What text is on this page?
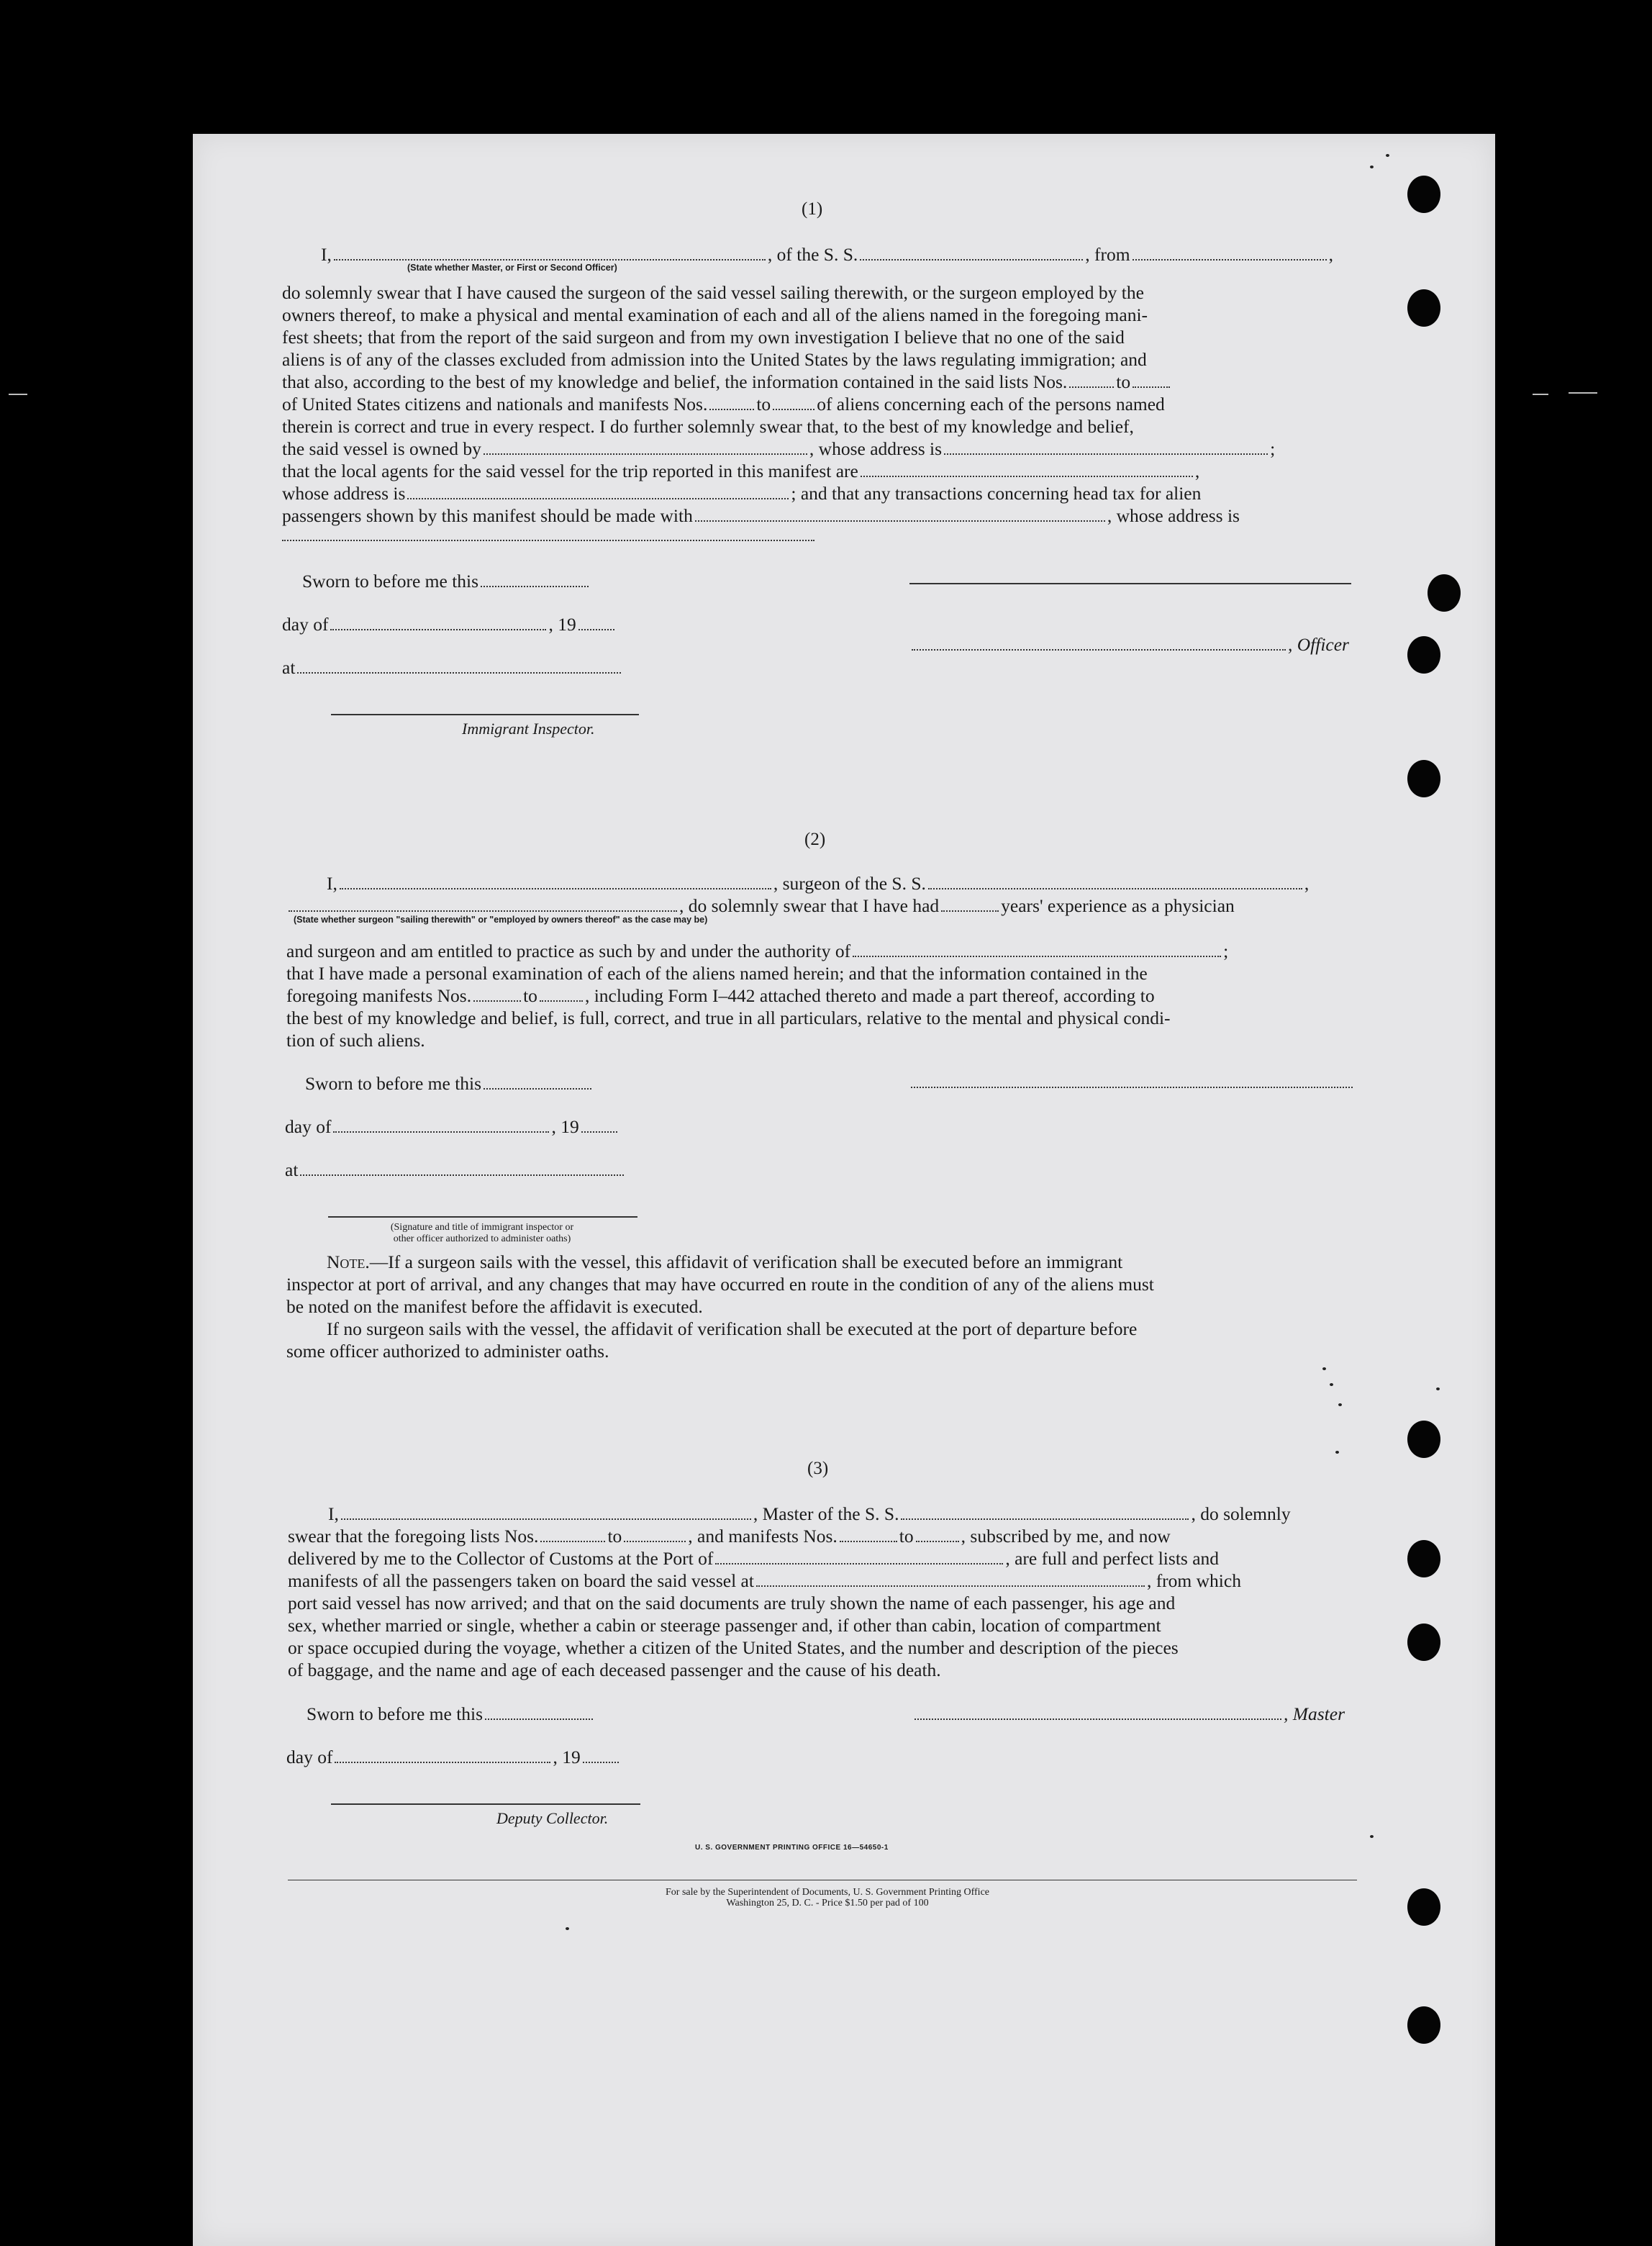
(1)
I,	, of the S. S.	, from	,
(State whether Master, or First or Second Officer)
do solemnly swear that I have caused the surgeon of the said vessel sailing therewith, or the surgeon employed by the
owners thereof, to make a physical and mental examination of each and all of the aliens named in the foregoing mani-
fest sheets; that from the report of the said surgeon and from my own investigation I believe that no one of the said
aliens is of any of the classes excluded from admission into the United States by the laws regulating immigration; and
that also, according to the best of my knowledge and belief, the information contained in the said lists Nos.	to
of United States citizens and nationals and manifests Nos.	to	of aliens concerning each of the persons named
therein is correct and true in every respect. I do further solemnly swear that, to the best of my knowledge and belief,
the said vessel is owned by	, whose address is	;
that the local agents for the said vessel for the trip reported in this manifest are	,
whose address is	; and that any transactions concerning head tax for alien
passengers shown by this manifest should be made with	, whose address is
Sworn to before me this
day of	, 19
, Officer
at
Immigrant Inspector.
(2)
I,	, surgeon of the S. S.	,
, do solemnly swear that I have had	years' experience as a physician
(State whether surgeon "sailing therewith" or "employed by owners thereof" as the case may be)
and surgeon and am entitled to practice as such by and under the authority of	;
that I have made a personal examination of each of the aliens named herein; and that the information contained in the
foregoing manifests Nos.	to	, including Form I–442 attached thereto and made a part thereof, according to
the best of my knowledge and belief, is full, correct, and true in all particulars, relative to the mental and physical condi-
tion of such aliens.
Sworn to before me this
day of	, 19
at
(Signature and title of immigrant inspector or
other officer authorized to administer oaths)
Note.—If a surgeon sails with the vessel, this affidavit of verification shall be executed before an immigrant
inspector at port of arrival, and any changes that may have occurred en route in the condition of any of the aliens must
be noted on the manifest before the affidavit is executed.
If no surgeon sails with the vessel, the affidavit of verification shall be executed at the port of departure before
some officer authorized to administer oaths.
(3)
I,	, Master of the S. S.	, do solemnly
swear that the foregoing lists Nos.	to	, and manifests Nos.	to	, subscribed by me, and now
delivered by me to the Collector of Customs at the Port of	, are full and perfect lists and
manifests of all the passengers taken on board the said vessel at	, from which
port said vessel has now arrived; and that on the said documents are truly shown the name of each passenger, his age and
sex, whether married or single, whether a cabin or steerage passenger and, if other than cabin, location of compartment
or space occupied during the voyage, whether a citizen of the United States, and the number and description of the pieces
of baggage, and the name and age of each deceased passenger and the cause of his death.
Sworn to before me this	, Master
day of	, 19
Deputy Collector.
U. S. GOVERNMENT PRINTING OFFICE 16—54650-1
For sale by the Superintendent of Documents, U. S. Government Printing Office
Washington 25, D. C. - Price $1.50 per pad of 100
